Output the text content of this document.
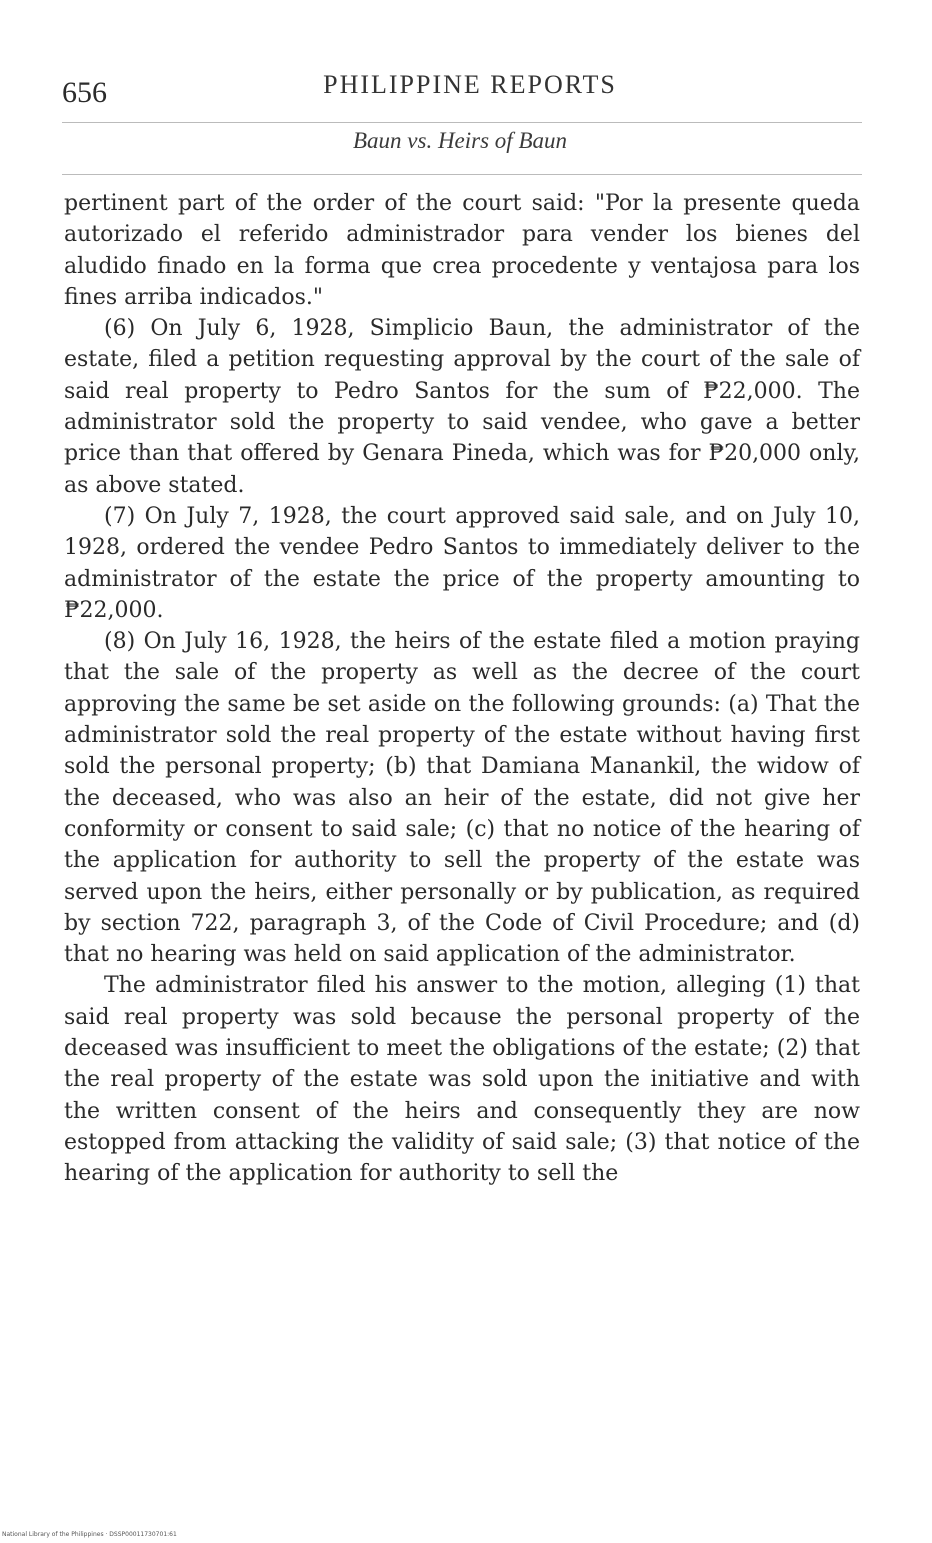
656	PHILIPPINE REPORTS
Baun vs. Heirs of Baun

pertinent part of the order of the court said: "Por la presente queda autorizado el referido administrador para vender los bienes del aludido finado en la forma que crea procedente y ventajosa para los fines arriba indicados."

(6) On July 6, 1928, Simplicio Baun, the administrator of the estate, filed a petition requesting approval by the court of the sale of said real property to Pedro Santos for the sum of ₱22,000. The administrator sold the property to said vendee, who gave a better price than that offered by Genara Pineda, which was for ₱20,000 only, as above stated.

(7) On July 7, 1928, the court approved said sale, and on July 10, 1928, ordered the vendee Pedro Santos to immediately deliver to the administrator of the estate the price of the property amounting to ₱22,000.

(8) On July 16, 1928, the heirs of the estate filed a motion praying that the sale of the property as well as the decree of the court approving the same be set aside on the following grounds: (a) That the administrator sold the real property of the estate without having first sold the personal property; (b) that Damiana Manankil, the widow of the deceased, who was also an heir of the estate, did not give her conformity or consent to said sale; (c) that no notice of the hearing of the application for authority to sell the property of the estate was served upon the heirs, either personally or by publication, as required by section 722, paragraph 3, of the Code of Civil Procedure; and (d) that no hearing was held on said application of the administrator.

The administrator filed his answer to the motion, alleging (1) that said real property was sold because the personal property of the deceased was insufficient to meet the obligations of the estate; (2) that the real property of the estate was sold upon the initiative and with the written consent of the heirs and consequently they are now estopped from attacking the validity of said sale; (3) that notice of the hearing of the application for authority to sell the

National Library of the Philippines · DSSP00011730701:61
